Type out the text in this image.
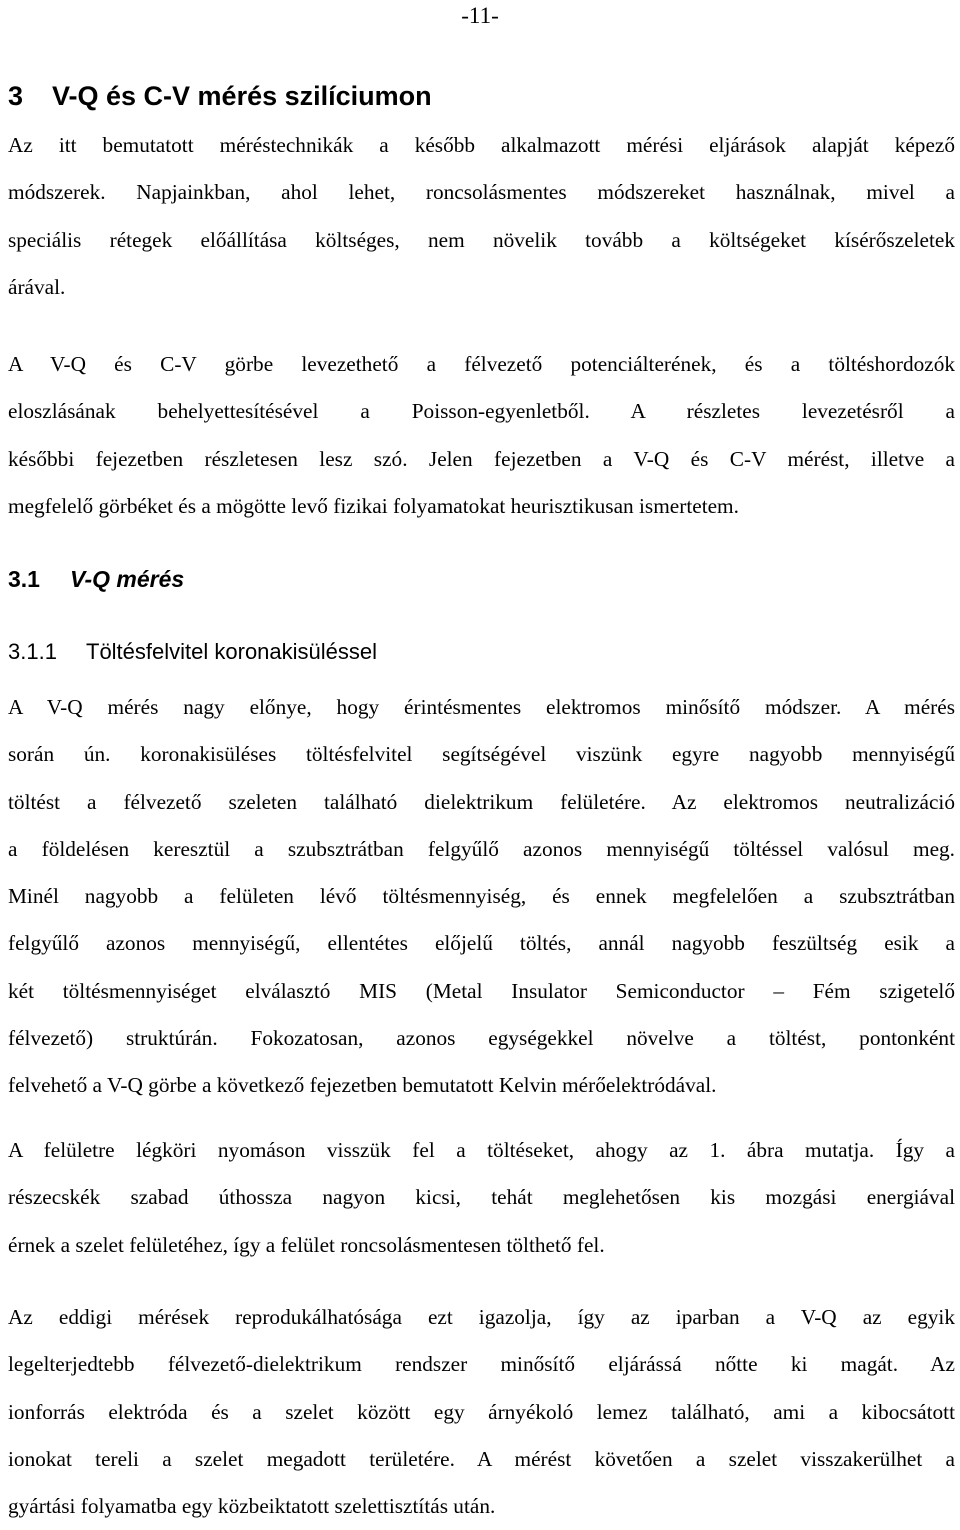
-11-
3 V-Q és C-V mérés szilíciumon
Az itt bemutatott méréstechnikák a később alkalmazott mérési eljárások alapját képező
módszerek. Napjainkban, ahol lehet, roncsolásmentes módszereket használnak, mivel a
speciális rétegek előállítása költséges, nem növelik tovább a költségeket kísérőszeletek
árával.
A V-Q és C-V görbe levezethető a félvezető potenciálterének, és a töltéshordozók
eloszlásának behelyettesítésével a Poisson-egyenletből. A részletes levezetésről a
későbbi fejezetben részletesen lesz szó. Jelen fejezetben a V-Q és C-V mérést, illetve a
megfelelő görbéket és a mögötte levő fizikai folyamatokat heurisztikusan ismertetem.
3.1 V-Q mérés
3.1.1 Töltésfelvitel koronakisüléssel
A V-Q mérés nagy előnye, hogy érintésmentes elektromos minősítő módszer. A mérés
során ún. koronakisüléses töltésfelvitel segítségével viszünk egyre nagyobb mennyiségű
töltést a félvezető szeleten található dielektrikum felületére. Az elektromos neutralizáció
a földelésen keresztül a szubsztrátban felgyűlő azonos mennyiségű töltéssel valósul meg.
Minél nagyobb a felületen lévő töltésmennyiség, és ennek megfelelően a szubsztrátban
felgyűlő azonos mennyiségű, ellentétes előjelű töltés, annál nagyobb feszültség esik a
két töltésmennyiséget elválasztó MIS (Metal Insulator Semiconductor – Fém szigetelő
félvezető) struktúrán. Fokozatosan, azonos egységekkel növelve a töltést, pontonként
felvehető a V-Q görbe a következő fejezetben bemutatott Kelvin mérőelektródával.
A felületre légköri nyomáson visszük fel a töltéseket, ahogy az 1. ábra mutatja. Így a
részecskék szabad úthossza nagyon kicsi, tehát meglehetősen kis mozgási energiával
érnek a szelet felületéhez, így a felület roncsolásmentesen tölthető fel.
Az eddigi mérések reprodukálhatósága ezt igazolja, így az iparban a V-Q az egyik
legelterjedtebb félvezető-dielektrikum rendszer minősítő eljárássá nőtte ki magát. Az
ionforrás elektróda és a szelet között egy árnyékoló lemez található, ami a kibocsátott
ionokat tereli a szelet megadott területére. A mérést követően a szelet visszakerülhet a
gyártási folyamatba egy közbeiktatott szelettisztítás után.
